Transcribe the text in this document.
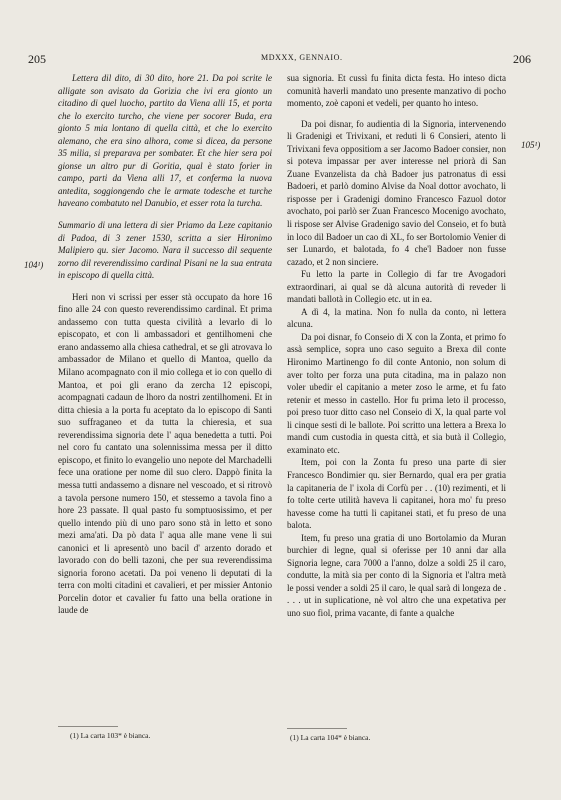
205	MDXXX, GENNAIO.	206
104¹)
105¹)

Lettera dil dito, di 30 dito, hore 21. Da poi scrite le alligate son avisato da Gorizia che ivi era gionto un citadino di quel luocho, partito da Viena alli 15, et porta che lo exercito turcho, che viene per socorer Buda, era gionto 5 mia lontano di quella città, et che lo exercito alemano, che era sino alhora, come si dicea, da persone 35 milia, si preparava per sombater. Et che hier sera poi gionse un altro pur di Goritia, qual è stato forier in campo, parti da Viena alli 17, et conferma la nuova antedita, soggiongendo che le armate todesche et turche haveano combatuto nel Danubio, et esser rota la turcha.

Summario di una lettera di sier Priamo da Leze capitanio di Padoa, di 3 zener 1530, scritta a sier Hironimo Malipiero qu. sier Jacomo. Nara il successo dil sequente zorno dil reverendissimo cardinal Pisani ne la sua entrata in episcopo di quella città.

Heri non vi scrissi per esser stà occupato da hore 16 fino alle 24 con questo reverendissimo cardinal. Et prima andassemo con tutta questa civilità a levarlo di lo episcopato, et con li ambassadori et gentilhomeni che erano andassemo alla chiesa cathedral, et se gli atrovava lo ambassador de Milano et quello di Mantoa, quello da Milano acompagnato con il mio collega et io con quello di Mantoa, et poi gli erano da zercha 12 episcopi, acompagnati cadaun de lhoro da nostri zentilhomeni. Et in ditta chiesia a la porta fu aceptato da lo episcopo di Santi suo suffraganeo et da tutta la chieresia, et sua reverendissima signoria dete l' aqua benedetta a tutti. Poi nel coro fu cantato una solennissima messa per il ditto episcopo, et finito lo evangelio uno nepote del Marchadelli fece una oratione per nome dil suo clero. Dappò finita la messa tutti andassemo a disnare nel vescoado, et si ritrovò a tavola persone numero 150, et stessemo a tavola fino a hore 23 passate. Il qual pasto fu somptuosissimo, et per quello intendo più di uno paro sono stà in letto et sono mezi ama'ati. Da pò data l' aqua alle mane vene li sui canonici et li apresentò uno bacil d' arzento dorado et lavorado con do belli tazoni, che per sua reverendissima signoria forono acetati. Da poi veneno li deputati di la terra con molti citadini et cavalieri, et per missier Antonio Porcelin dotor et cavalier fu fatto una bella oratione in laude de

sua signoria. Et cussì fu finita dicta festa. Ho inteso dicta comunità haverli mandato uno presente manzativo di pocho momento, zoè caponi et vedeli, per quanto ho inteso.

Da poi disnar, fo audientia di la Signoria, intervenendo li Gradenigi et Trivixani, et reduti li 6 Consieri, atento li Trivixani feva oppositiom a ser Jacomo Badoer consier, non si poteva impassar per aver interesse nel priorà di San Zuane Evanzelista da chà Badoer jus patronatus di essi Badoeri, et parlò domino Alvise da Noal dottor avochato, li risposse per i Gradenigi domino Francesco Fazuol dotor avochato, poi parlò ser Zuan Francesco Mocenigo avochato, li rispose ser Alvise Gradenigo savio del Conseio, et fo butà in loco dil Badoer un cao di XL, fo ser Bortolomio Venier di ser Lunardo, et balotada, fo 4 che'l Badoer non fusse cazado, et 2 non sinciere.

Fu letto la parte in Collegio di far tre Avogadori extraordinari, ai qual se dà alcuna autorità di reveder li mandati ballotà in Collegio etc. ut in ea.

A dì 4, la matina. Non fo nulla da conto, nì lettera alcuna.

Da poi disnar, fo Conseio di X con la Zonta, et primo fo assà semplice, sopra uno caso seguito a Brexa dil conte Hironimo Martinengo fo dil conte Antonio, non solum di aver tolto per forza una puta citadina, ma in palazo non voler ubedir el capitanio a meter zoso le arme, et fu fato retenir et messo in castello. Hor fu prima leto il processo, poi preso tuor ditto caso nel Conseio di X, la qual parte vol li cinque sesti di le ballote. Poi scritto una lettera a Brexa lo mandi cum custodia in questa città, et sia butà il Collegio, examinato etc.

Item, poi con la Zonta fu preso una parte di sier Francesco Bondimier qu. sier Bernardo, qual era per gratia la capitaneria de l' ixola di Corfù per . . (10) rezimenti, et li fo tolte certe utilità haveva li capitanei, hora mo' fu preso havesse come ha tutti li capitanei stati, et fu preso de una balota.

Item, fu preso una gratia di uno Bortolamio da Muran burchier di legne, qual si oferisse per 10 anni dar alla Signoria legne, cara 7000 a l'anno, dolze a soldi 25 il caro, condutte, la mità sia per conto di la Signoria et l'altra metà le possi vender a soldi 25 il caro, le qual sarà di longeza de . . . . ut in suplicatione, nè vol altro che una expetativa per uno suo fiol, prima vacante, di fante a qualche

(1) La carta 103* è bianca.	(1) La carta 104* è bianca.
